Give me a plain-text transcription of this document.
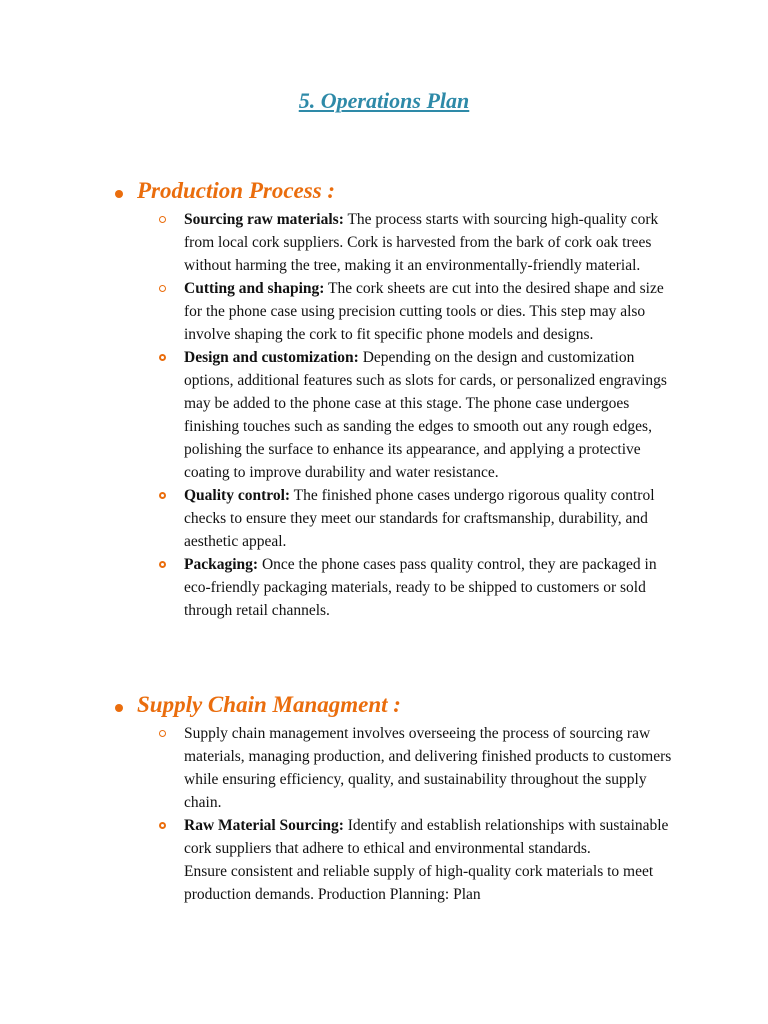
5. Operations Plan
Production Process :
Sourcing raw materials: The process starts with sourcing high-quality cork from local cork suppliers. Cork is harvested from the bark of cork oak trees without harming the tree, making it an environmentally-friendly material.
Cutting and shaping: The cork sheets are cut into the desired shape and size for the phone case using precision cutting tools or dies. This step may also involve shaping the cork to fit specific phone models and designs.
Design and customization: Depending on the design and customization options, additional features such as slots for cards, or personalized engravings may be added to the phone case at this stage. The phone case undergoes finishing touches such as sanding the edges to smooth out any rough edges, polishing the surface to enhance its appearance, and applying a protective coating to improve durability and water resistance.
Quality control: The finished phone cases undergo rigorous quality control checks to ensure they meet our standards for craftsmanship, durability, and aesthetic appeal.
Packaging: Once the phone cases pass quality control, they are packaged in eco-friendly packaging materials, ready to be shipped to customers or sold through retail channels.
Supply Chain Managment :
Supply chain management involves overseeing the process of sourcing raw materials, managing production, and delivering finished products to customers while ensuring efficiency, quality, and sustainability throughout the supply chain.
Raw Material Sourcing: Identify and establish relationships with sustainable cork suppliers that adhere to ethical and environmental standards.
Ensure consistent and reliable supply of high-quality cork materials to meet production demands. Production Planning: Plan
